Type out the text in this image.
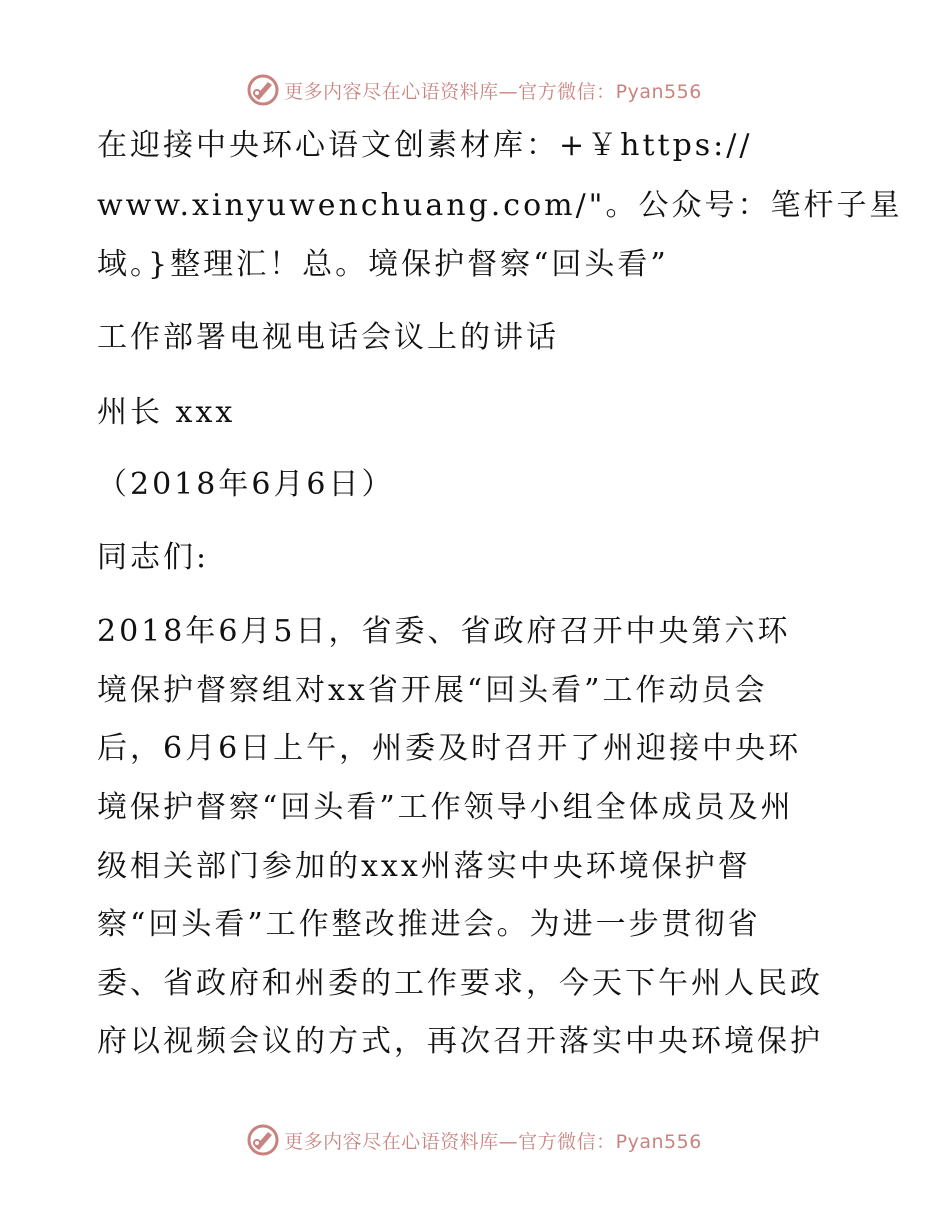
更多内容尽在心语资料库—官方微信：Pyan556
在迎接中央环心语文创素材库：+￥https://
www.xinyuwenchuang.com/"。公众号：笔杆子星
域。}整理汇！总。境保护督察“回头看”
工作部署电视电话会议上的讲话
州长 xxx
（2018年6月6日）
同志们:
2018年6月5日，省委、省政府召开中央第六环
境保护督察组对xx省开展“回头看”工作动员会
后，6月6日上午，州委及时召开了州迎接中央环
境保护督察“回头看”工作领导小组全体成员及州
级相关部门参加的xxx州落实中央环境保护督
察“回头看”工作整改推进会。为进一步贯彻省
委、省政府和州委的工作要求，今天下午州人民政
府以视频会议的方式，再次召开落实中央环境保护
更多内容尽在心语资料库—官方微信：Pyan556
